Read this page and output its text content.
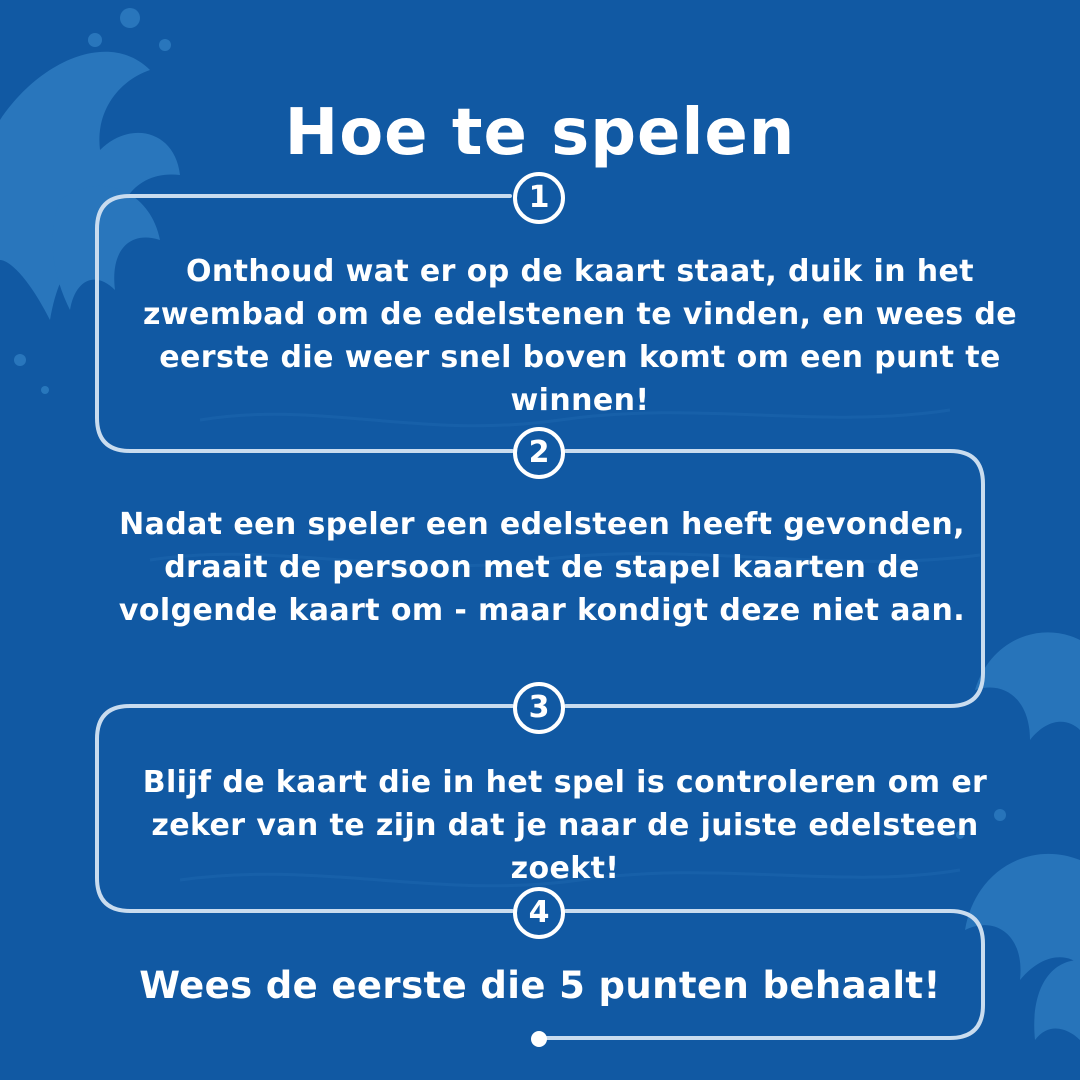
Hoe te spelen
1
Onthoud wat er op de kaart staat, duik in het zwembad om de edelstenen te vinden, en wees de eerste die weer snel boven komt om een punt te winnen!
2
Nadat een speler een edelsteen heeft gevonden, draait de persoon met de stapel kaarten de volgende kaart om - maar kondigt deze niet aan.
3
Blijf de kaart die in het spel is controleren om er zeker van te zijn dat je naar de juiste edelsteen zoekt!
4
Wees de eerste die 5 punten behaalt!
